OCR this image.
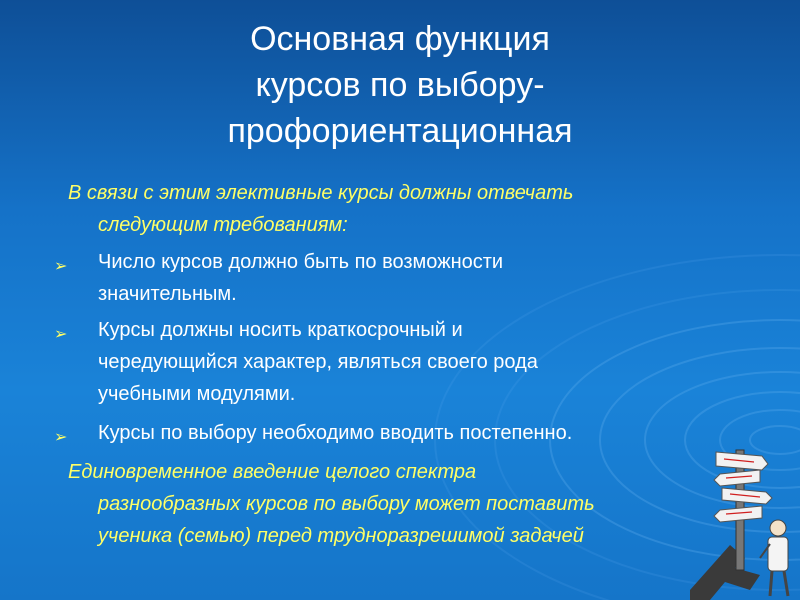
Основная функция
курсов по выбору-
профориентационная
В связи с этим элективные курсы должны отвечать
следующим требованиям:
➢ Число курсов должно быть по возможности
значительным.
➢ Курсы должны носить краткосрочный и
чередующийся характер, являться своего рода
учебными модулями.
➢ Курсы по выбору необходимо вводить постепенно.
Единовременное введение целого спектра
разнообразных курсов по выбору может поставить
ученика (семью) перед трудноразрешимой задачей
